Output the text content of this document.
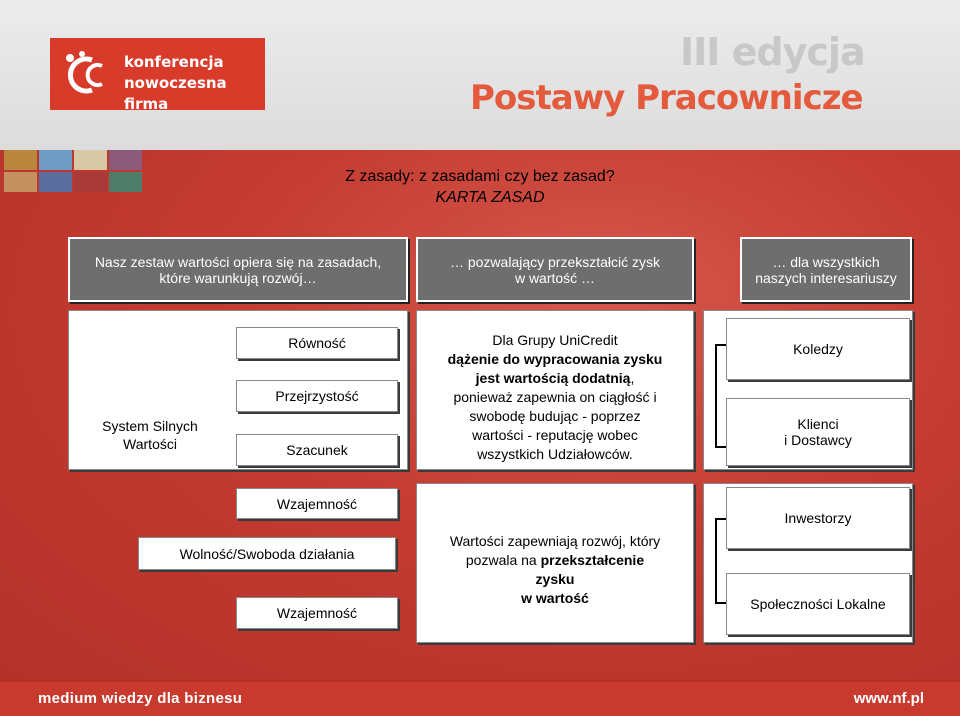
konferencja
nowoczesna firma
III edycja
Postawy Pracownicze
Z zasady: z zasadami czy bez zasad?
KARTA ZASAD
Nasz zestaw wartości opiera się na zasadach, które warunkują rozwój…
… pozwalający przekształcić zysk w wartość …
… dla wszystkich naszych interesariuszy
System Silnych Wartości
Równość
Przejrzystość
Szacunek
Dla Grupy UniCredit
dążenie do wypracowania zysku
jest wartością dodatnią,
ponieważ zapewnia on ciągłość i
swobodę budując - poprzez
wartości - reputację wobec
wszystkich Udziałowców.
Koledzy
Klienci
i Dostawcy
Wzajemność
Wolność/Swoboda działania
Wzajemność
Wartości zapewniają rozwój, który
pozwala na przekształcenie
zysku
w wartość
Inwestorzy
Społeczności Lokalne
medium wiedzy dla biznesu	www.nf.pl
